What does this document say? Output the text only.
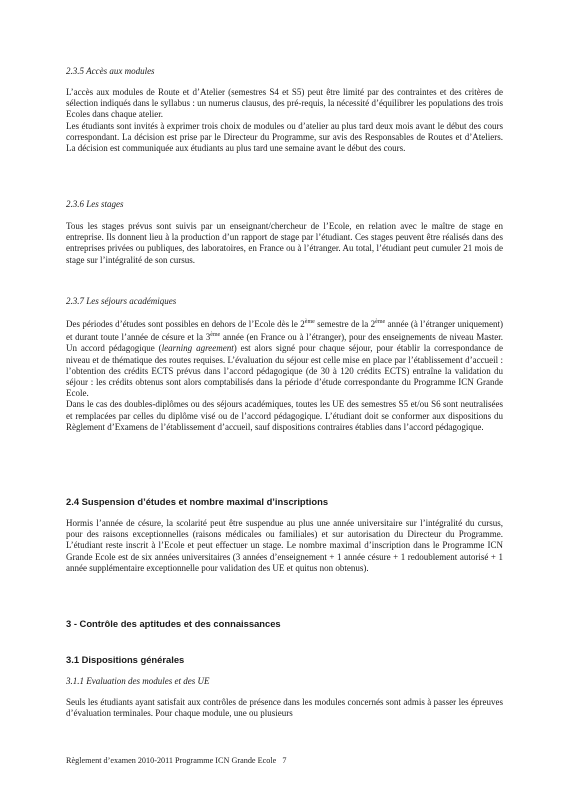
2.3.5 Accès aux modules

L’accès aux modules de Route et d’Atelier (semestres S4 et S5) peut être limité par des contraintes et des critères de sélection indiqués dans le syllabus : un numerus clausus, des pré-requis, la nécessité d’équilibrer les populations des trois Ecoles dans chaque atelier.

Les étudiants sont invités à exprimer trois choix de modules ou d’atelier au plus tard deux mois avant le début des cours correspondant. La décision est prise par le Directeur du Programme, sur avis des Responsables de Routes et d’Ateliers. La décision est communiquée aux étudiants au plus tard une semaine avant le début des cours.

2.3.6 Les stages

Tous les stages prévus sont suivis par un enseignant/chercheur de l’Ecole, en relation avec le maître de stage en entreprise. Ils donnent lieu à la production d’un rapport de stage par l’étudiant. Ces stages peuvent être réalisés dans des entreprises privées ou publiques, des laboratoires, en France ou à l’étranger. Au total, l’étudiant peut cumuler 21 mois de stage sur l’intégralité de son cursus.

2.3.7 Les séjours académiques

Des périodes d’études sont possibles en dehors de l’Ecole dès le 2ème semestre de la 2ème année (à l’étranger uniquement) et durant toute l’année de césure et la 3ème année (en France ou à l’étranger), pour des enseignements de niveau Master. Un accord pédagogique (learning agreement) est alors signé pour chaque séjour, pour établir la correspondance de niveau et de thématique des routes requises. L’évaluation du séjour est celle mise en place par l’établissement d’accueil : l’obtention des crédits ECTS prévus dans l’accord pédagogique (de 30 à 120 crédits ECTS) entraîne la validation du séjour : les crédits obtenus sont alors comptabilisés dans la période d’étude correspondante du Programme ICN Grande Ecole.

Dans le cas des doubles-diplômes ou des séjours académiques, toutes les UE des semestres S5 et/ou S6 sont neutralisées et remplacées par celles du diplôme visé ou de l’accord pédagogique. L’étudiant doit se conformer aux dispositions du Règlement d’Examens de l’établissement d’accueil, sauf dispositions contraires établies dans l’accord pédagogique.

2.4 Suspension d’études et nombre maximal d’inscriptions

Hormis l’année de césure, la scolarité peut être suspendue au plus une année universitaire sur l’intégralité du cursus, pour des raisons exceptionnelles (raisons médicales ou familiales) et sur autorisation du Directeur du Programme. L’étudiant reste inscrit à l’Ecole et peut effectuer un stage. Le nombre maximal d’inscription dans le Programme ICN Grande Ecole est de six années universitaires (3 années d’enseignement + 1 année césure + 1 redoublement autorisé + 1 année supplémentaire exceptionnelle pour validation des UE et quitus non obtenus).

3 - Contrôle des aptitudes et des connaissances
3.1 Dispositions générales
3.1.1 Evaluation des modules et des UE

Seuls les étudiants ayant satisfait aux contrôles de présence dans les modules concernés sont admis à passer les épreuves d’évaluation terminales. Pour chaque module, une ou plusieurs

Règlement d’examen 2010-2011 Programme ICN Grande Ecole 7
